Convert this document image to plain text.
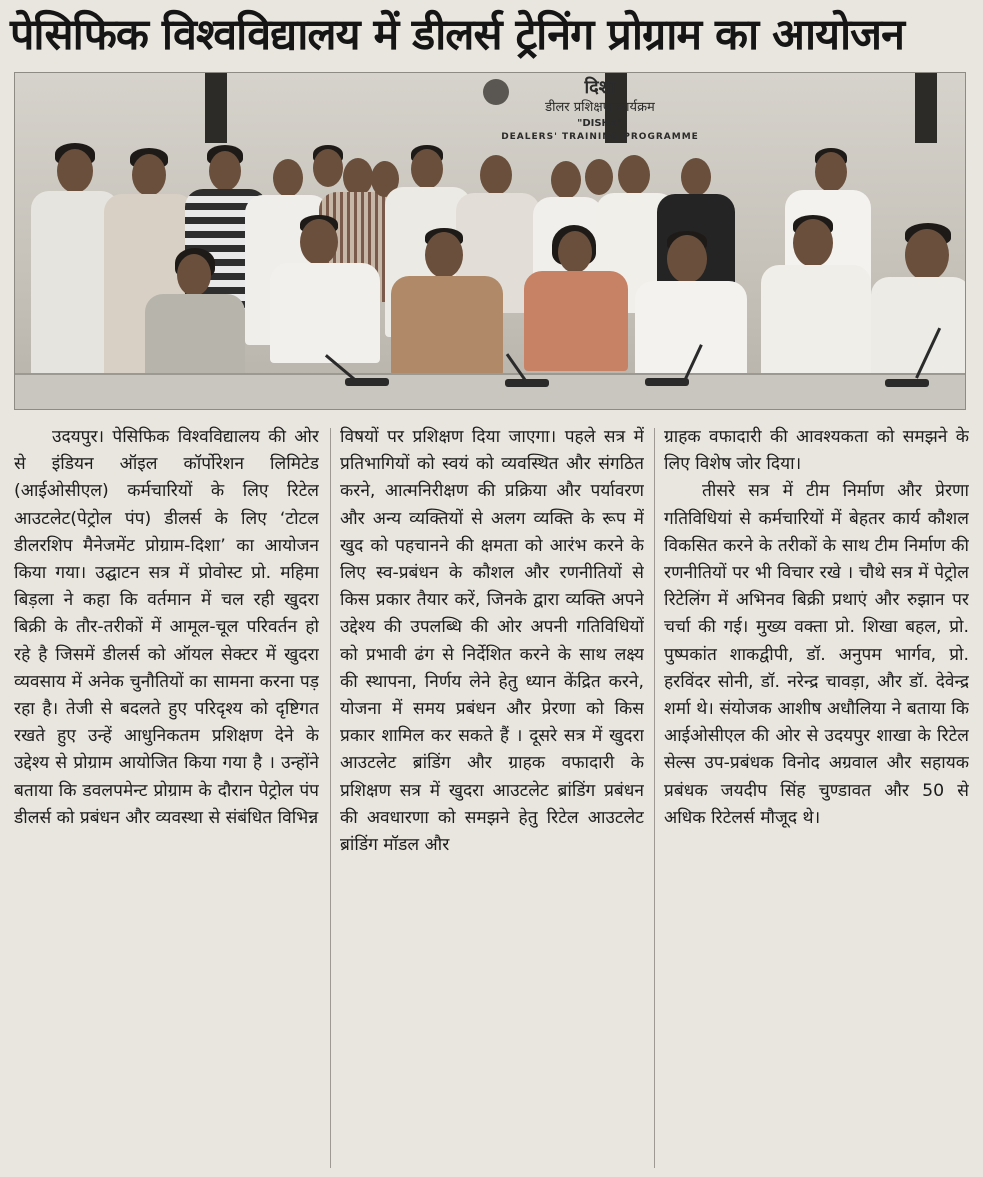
पेसिफिक विश्वविद्यालय में डीलर्स ट्रेनिंग प्रोग्राम का आयोजन
दिशा
डीलर प्रशिक्षण कार्यक्रम
"DISHA"
DEALERS' TRAINING PROGRAMME

उदयपुर। पेसिफिक विश्वविद्यालय की ओर से इंडियन ऑइल कॉर्पोरेशन लिमिटेड (आईओसीएल) कर्मचारियों के लिए रिटेल आउटलेट(पेट्रोल पंप) डीलर्स के लिए ‘टोटल डीलरशिप मैनेजमेंट प्रोग्राम-दिशा’ का आयोजन किया गया। उद्घाटन सत्र में प्रोवोस्ट प्रो. महिमा बिड़ला ने कहा कि वर्तमान में चल रही खुदरा बिक्री के तौर-तरीकों में आमूल-चूल परिवर्तन हो रहे है जिसमें डीलर्स को ऑयल सेक्टर में खुदरा व्यवसाय में अनेक चुनौतियों का सामना करना पड़ रहा है। तेजी से बदलते हुए परिदृश्य को दृष्टिगत रखते हुए उन्हें आधुनिकतम प्रशिक्षण देने के उद्देश्य से प्रोग्राम आयोजित किया गया है । उन्होंने बताया कि डवलपमेन्ट प्रोग्राम के दौरान पेट्रोल पंप डीलर्स को प्रबंधन और व्यवस्था से संबंधित विभिन्न

विषयों पर प्रशिक्षण दिया जाएगा। पहले सत्र में प्रतिभागियों को स्वयं को व्यवस्थित और संगठित करने, आत्मनिरीक्षण की प्रक्रिया और पर्यावरण और अन्य व्यक्तियों से अलग व्यक्ति के रूप में खुद को पहचानने की क्षमता को आरंभ करने के लिए स्व-प्रबंधन के कौशल और रणनीतियों से किस प्रकार तैयार करें, जिनके द्वारा व्यक्ति अपने उद्देश्य की उपलब्धि की ओर अपनी गतिविधियों को प्रभावी ढंग से निर्देशित करने के साथ लक्ष्य की स्थापना, निर्णय लेने हेतु ध्यान केंद्रित करने, योजना में समय प्रबंधन और प्रेरणा को किस प्रकार शामिल कर सकते हैं । दूसरे सत्र में खुदरा आउटलेट ब्रांडिंग और ग्राहक वफादारी के प्रशिक्षण सत्र में खुदरा आउटलेट ब्रांडिंग प्रबंधन की अवधारणा को समझने हेतु रिटेल आउटलेट ब्रांडिंग मॉडल और

ग्राहक वफादारी की आवश्यकता को समझने के लिए विशेष जोर दिया।

तीसरे सत्र में टीम निर्माण और प्रेरणा गतिविधियां से कर्मचारियों में बेहतर कार्य कौशल विकसित करने के तरीकों के साथ टीम निर्माण की रणनीतियों पर भी विचार रखे । चौथे सत्र में पेट्रोल रिटेलिंग में अभिनव बिक्री प्रथाएं और रुझान पर चर्चा की गई। मुख्य वक्ता प्रो. शिखा बहल, प्रो. पुष्पकांत शाकद्वीपी, डॉ. अनुपम भार्गव, प्रो. हरविंदर सोनी, डॉ. नरेन्द्र चावड़ा, और डॉ. देवेन्द्र शर्मा थे। संयोजक आशीष अधौलिया ने बताया कि आईओसीएल की ओर से उदयपुर शाखा के रिटेल सेल्स उप-प्रबंधक विनोद अग्रवाल और सहायक प्रबंधक जयदीप सिंह चुण्डावत और 50 से अधिक रिटेलर्स मौजूद थे।
